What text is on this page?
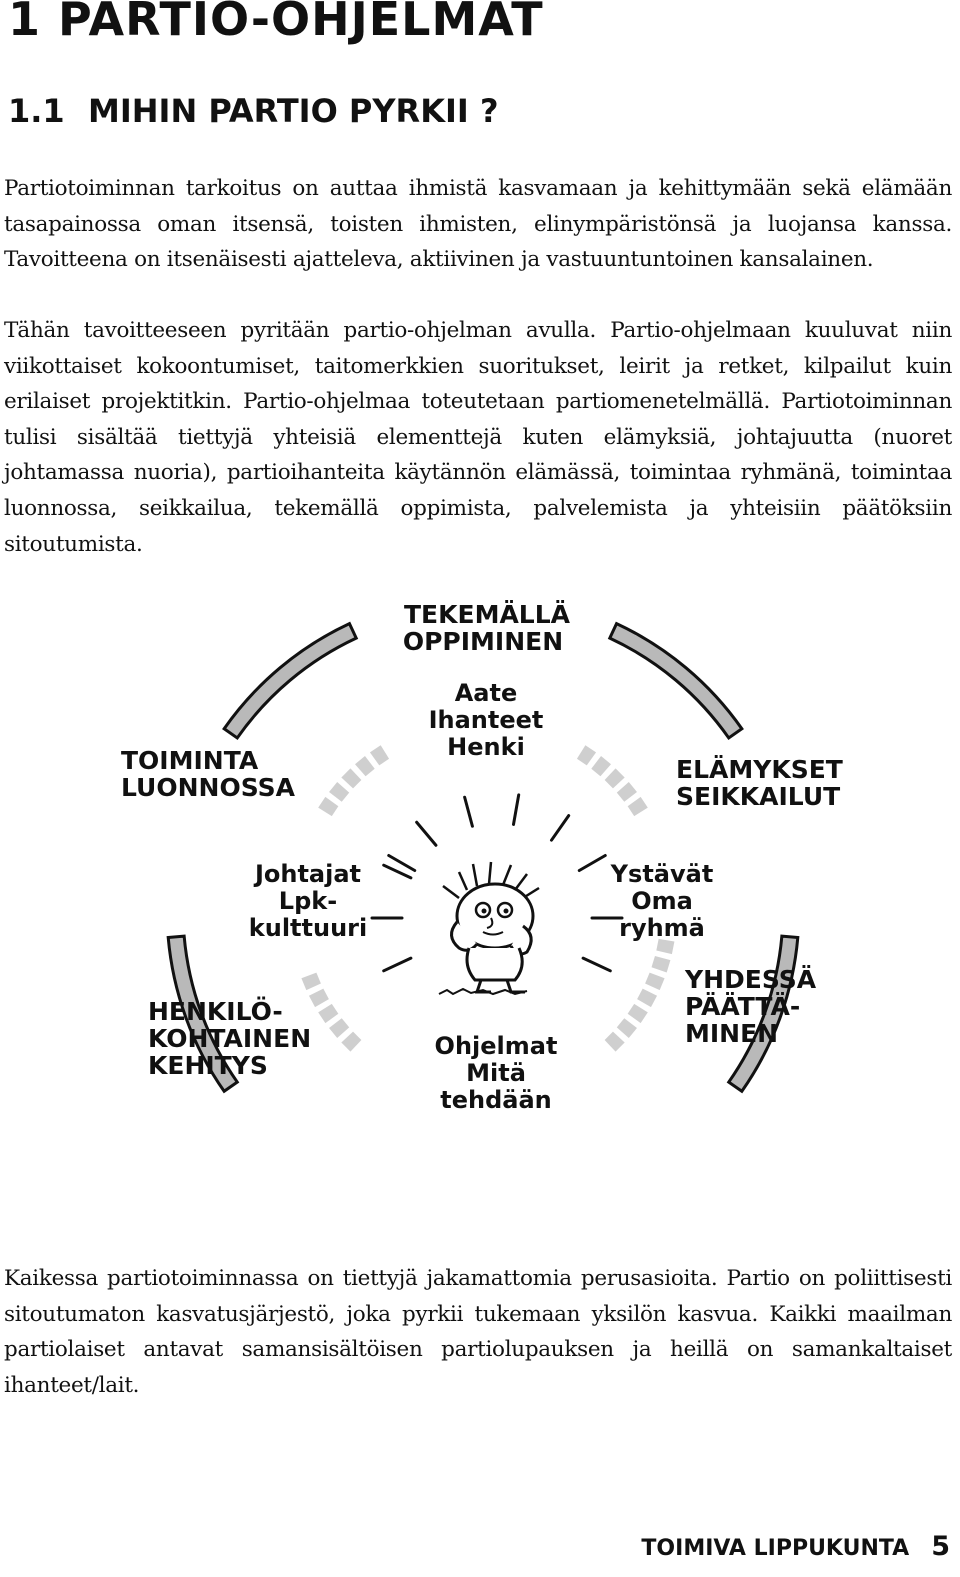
1 PARTIO-OHJELMAT
1.1 MIHIN PARTIO PYRKII ?

Partiotoiminnan tarkoitus on auttaa ihmistä kasvamaan ja kehittymään sekä elämään tasapainossa oman itsensä, toisten ihmisten, elinympäristönsä ja luojansa kanssa. Tavoitteena on itsenäisesti ajatteleva, aktiivinen ja vastuuntuntoinen kansalainen.

Tähän tavoitteeseen pyritään partio-ohjelman avulla. Partio-ohjelmaan kuuluvat niin viikottaiset kokoontumiset, taitomerkkien suoritukset, leirit ja retket, kilpailut kuin erilaiset projektitkin. Partio-ohjelmaa toteutetaan partiomenetelmällä. Partiotoiminnan tulisi sisältää tiettyjä yhteisiä elementtejä kuten elämyksiä, johtajuutta (nuoret johtamassa nuoria), partioihanteita käytännön elämässä, toimintaa ryhmänä, toimintaa luonnossa, seikkailua, tekemällä oppimista, palvelemista ja yhteisiin päätöksiin sitoutumista.

TEKEMÄLLÄ
OPPIMINEN
TOIMINTA
LUONNOSSA
ELÄMYKSET
SEIKKAILUT
HENKILÖ-
KOHTAINEN
KEHITYS
YHDESSÄ
PÄÄTTÄ-
MINEN
Aate
Ihanteet
Henki
Johtajat
Lpk-
kulttuuri
Ystävät
Oma
ryhmä
Ohjelmat
Mitä
tehdään

Kaikessa partiotoiminnassa on tiettyjä jakamattomia perusasioita. Partio on poliittisesti sitoutumaton kasvatusjärjestö, joka pyrkii tukemaan yksilön kasvua. Kaikki maailman partiolaiset antavat samansisältöisen partiolupauksen ja heillä on samankaltaiset ihanteet/lait.

TOIMIVA LIPPUKUNTA 5
